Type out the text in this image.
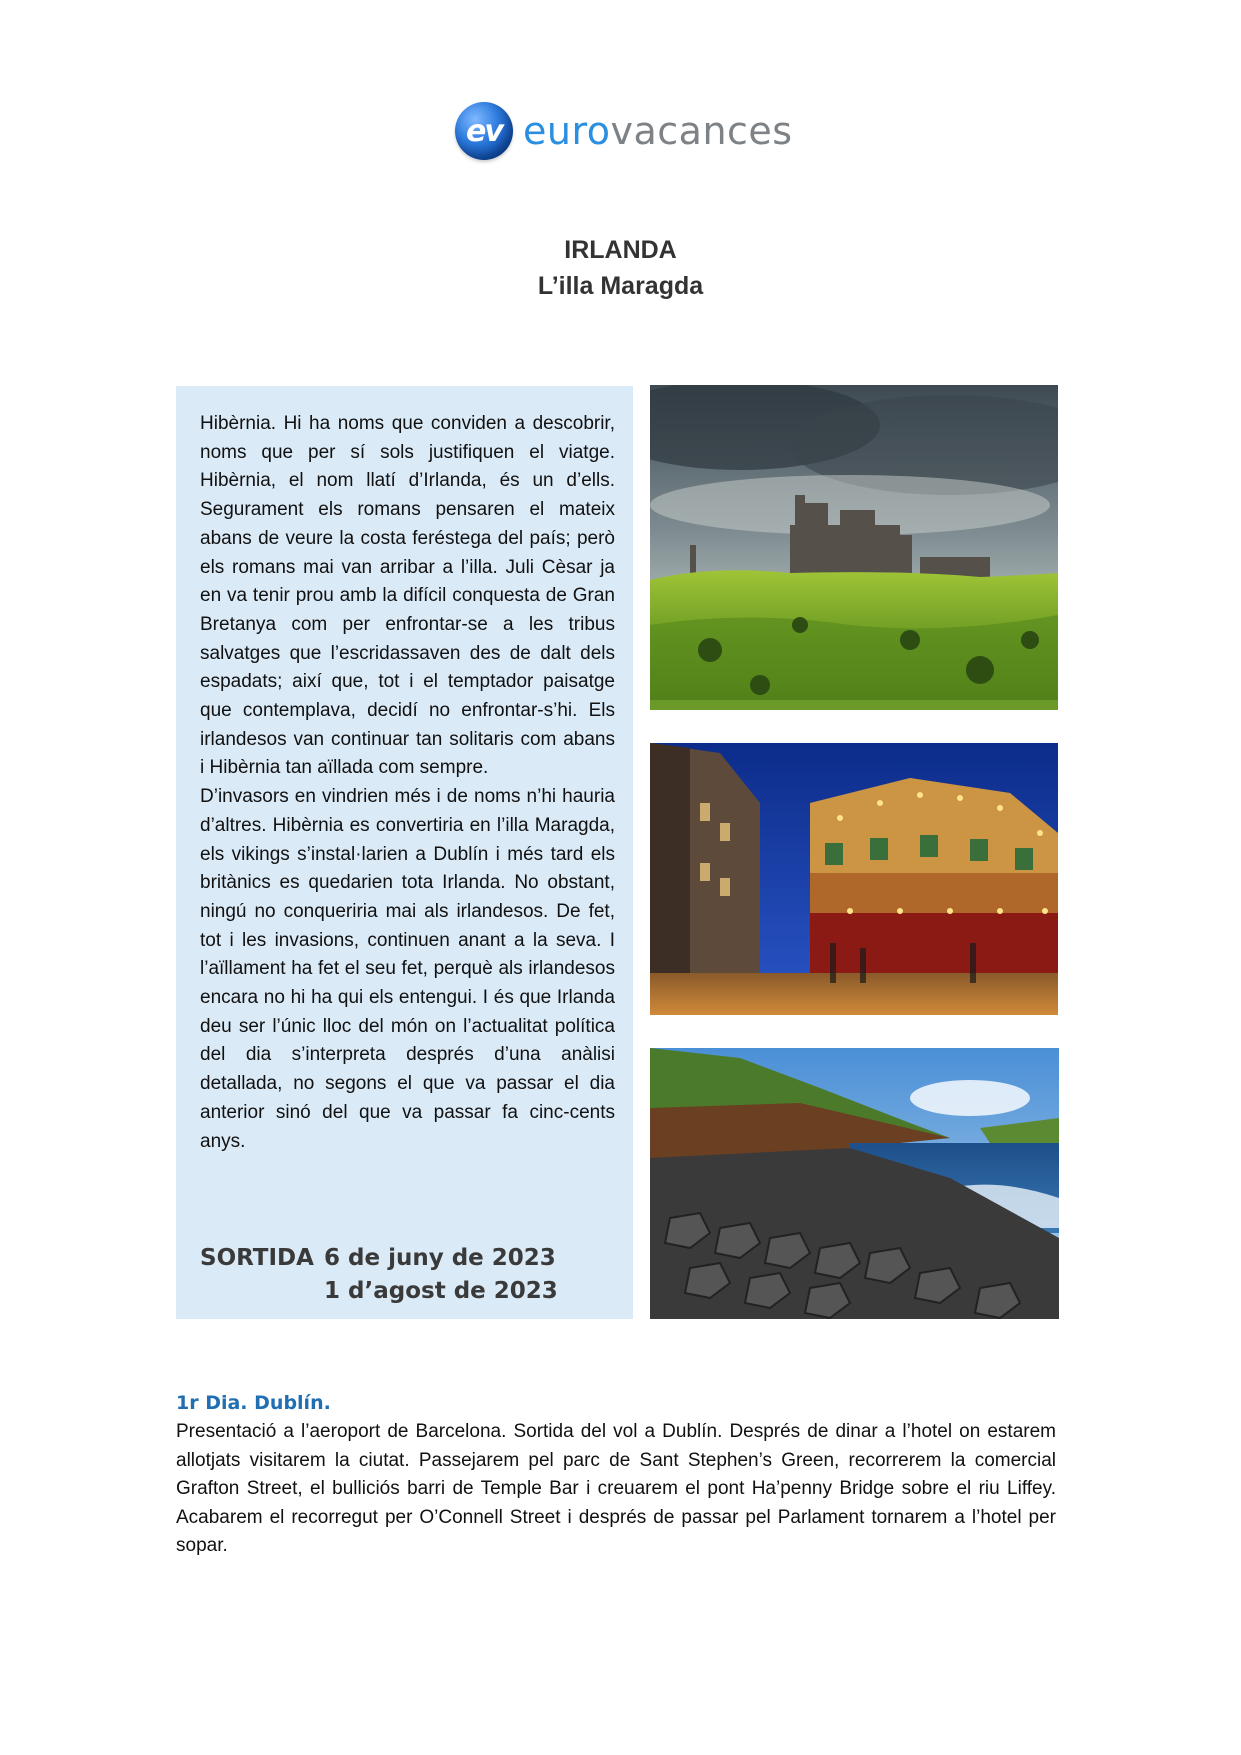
ev eurovacances
IRLANDA
L’illa Maragda

Hibèrnia. Hi ha noms que conviden a descobrir, noms que per sí sols justifiquen el viatge. Hibèrnia, el nom llatí d’Irlanda, és un d’ells. Segurament els romans pensaren el mateix abans de veure la costa feréstega del país; però els romans mai van arribar a l’illa. Juli Cèsar ja en va tenir prou amb la difícil conquesta de Gran Bretanya com per enfrontar-se a les tribus salvatges que l’escridassaven des de dalt dels espadats; així que, tot i el temptador paisatge que contemplava, decidí no enfrontar-s’hi. Els irlandesos van continuar tan solitaris com abans i Hibèrnia tan aïllada com sempre.

D’invasors en vindrien més i de noms n’hi hauria d’altres. Hibèrnia es convertiria en l’illa Maragda, els vikings s’instal·larien a Dublín i més tard els britànics es quedarien tota Irlanda. No obstant, ningú no conqueriria mai als irlandesos. De fet, tot i les invasions, continuen anant a la seva. I l’aïllament ha fet el seu fet, perquè als irlandesos encara no hi ha qui els entengui. I és que Irlanda deu ser l’únic lloc del món on l’actualitat política del dia s’interpreta després d’una anàlisi detallada, no segons el que va passar el dia anterior sinó del que va passar fa cinc-cents anys.

SORTIDA 6 de juny de 2023
1 d’agost de 2023
1r Dia. Dublín.
Presentació a l’aeroport de Barcelona. Sortida del vol a Dublín. Després de dinar a l’hotel on estarem allotjats visitarem la ciutat. Passejarem pel parc de Sant Stephen’s Green, recorrerem la comercial Grafton Street, el bulliciós barri de Temple Bar i creuarem el pont Ha’penny Bridge sobre el riu Liffey. Acabarem el recorregut per O’Connell Street i després de passar pel Parlament tornarem a l’hotel per sopar.
